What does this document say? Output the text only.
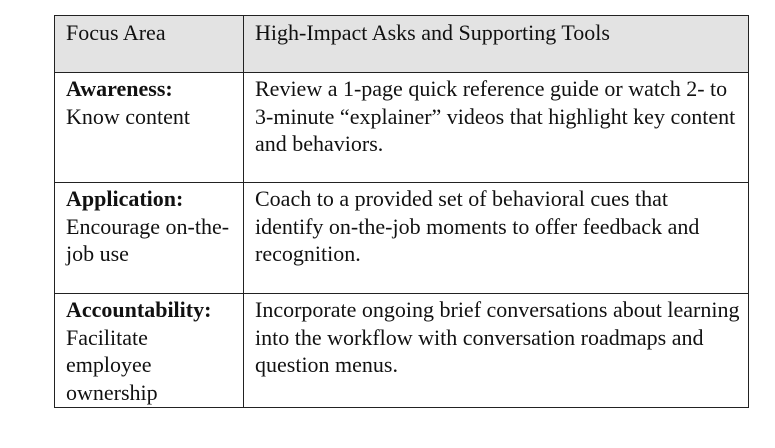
Focus Area	High-Impact Asks and Supporting Tools

Awareness:
Know content	Review a 1-page quick reference guide or watch 2- to 3-minute “explainer” videos that highlight key content and behaviors.

Application:
Encourage on-the-job use	Coach to a provided set of behavioral cues that identify on-the-job moments to offer feedback and recognition.

Accountability:
Facilitate employee ownership	Incorporate ongoing brief conversations about learning into the workflow with conversation roadmaps and question menus.
